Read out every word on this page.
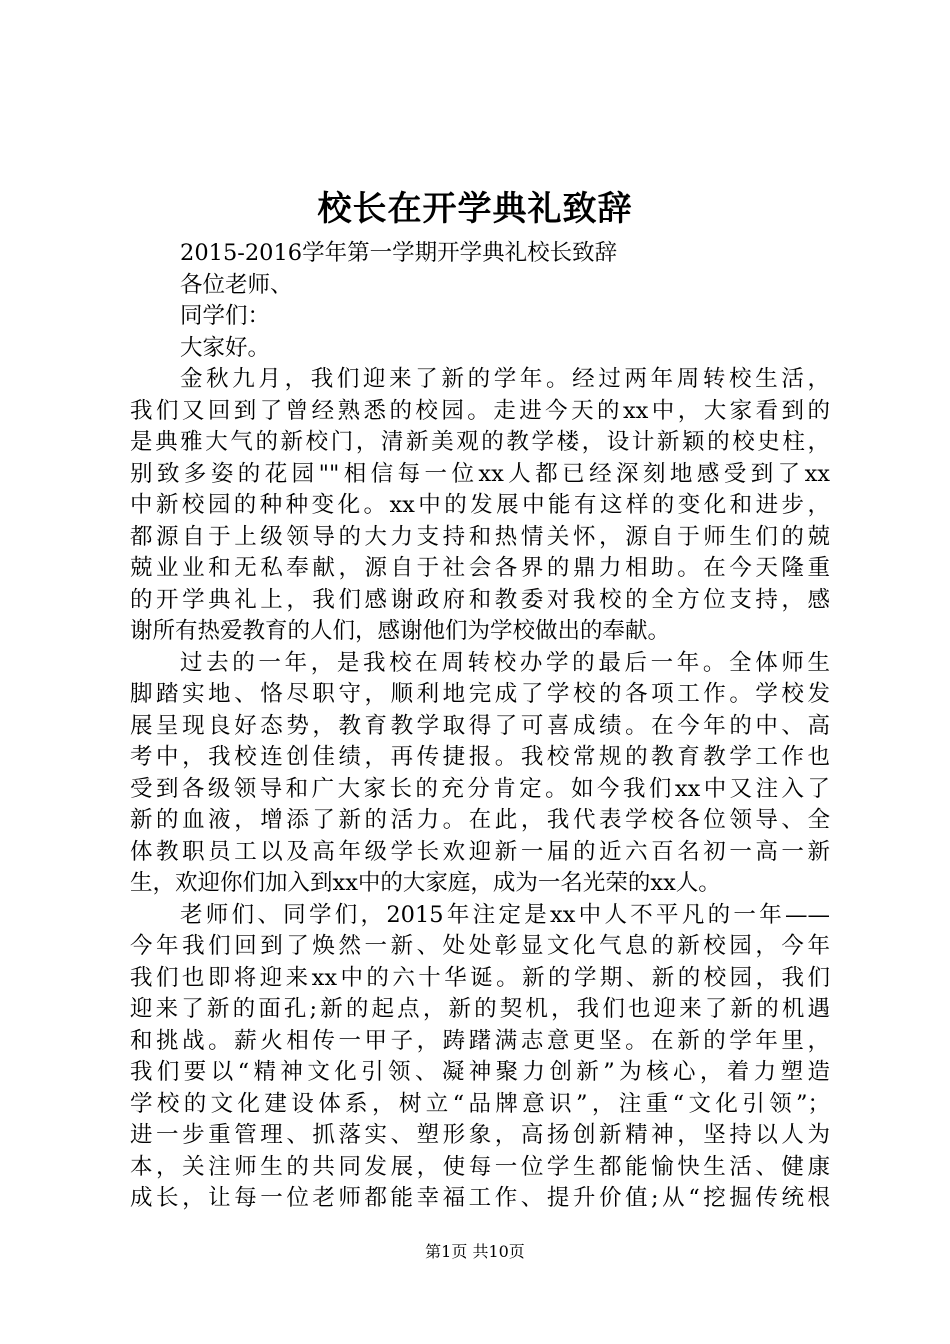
校长在开学典礼致辞
2015-2016学年第一学期开学典礼校长致辞
各位老师、
同学们：
大家好。
金秋九月，我们迎来了新的学年。经过两年周转校生活，
我们又回到了曾经熟悉的校园。走进今天的xx中，大家看到的
是典雅大气的新校门，清新美观的教学楼，设计新颖的校史柱，
别致多姿的花园""相信每一位xx人都已经深刻地感受到了xx
中新校园的种种变化。xx中的发展中能有这样的变化和进步，
都源自于上级领导的大力支持和热情关怀，源自于师生们的兢
兢业业和无私奉献，源自于社会各界的鼎力相助。在今天隆重
的开学典礼上，我们感谢政府和教委对我校的全方位支持，感
谢所有热爱教育的人们，感谢他们为学校做出的奉献。
过去的一年，是我校在周转校办学的最后一年。全体师生
脚踏实地、恪尽职守，顺利地完成了学校的各项工作。学校发
展呈现良好态势，教育教学取得了可喜成绩。在今年的中、高
考中，我校连创佳绩，再传捷报。我校常规的教育教学工作也
受到各级领导和广大家长的充分肯定。如今我们xx中又注入了
新的血液，增添了新的活力。在此，我代表学校各位领导、全
体教职员工以及高年级学长欢迎新一届的近六百名初一高一新
生，欢迎你们加入到xx中的大家庭，成为一名光荣的xx人。
老师们、同学们，2015年注定是xx中人不平凡的一年——
今年我们回到了焕然一新、处处彰显文化气息的新校园，今年
我们也即将迎来xx中的六十华诞。新的学期、新的校园，我们
迎来了新的面孔;新的起点，新的契机，我们也迎来了新的机遇
和挑战。薪火相传一甲子，踌躇满志意更坚。在新的学年里，
我们要以“精神文化引领、凝神聚力创新”为核心，着力塑造
学校的文化建设体系，树立“品牌意识”，注重“文化引领”；
进一步重管理、抓落实、塑形象，高扬创新精神，坚持以人为
本，关注师生的共同发展，使每一位学生都能愉快生活、健康
成长，让每一位老师都能幸福工作、提升价值;从“挖掘传统根
第1页 共10页
